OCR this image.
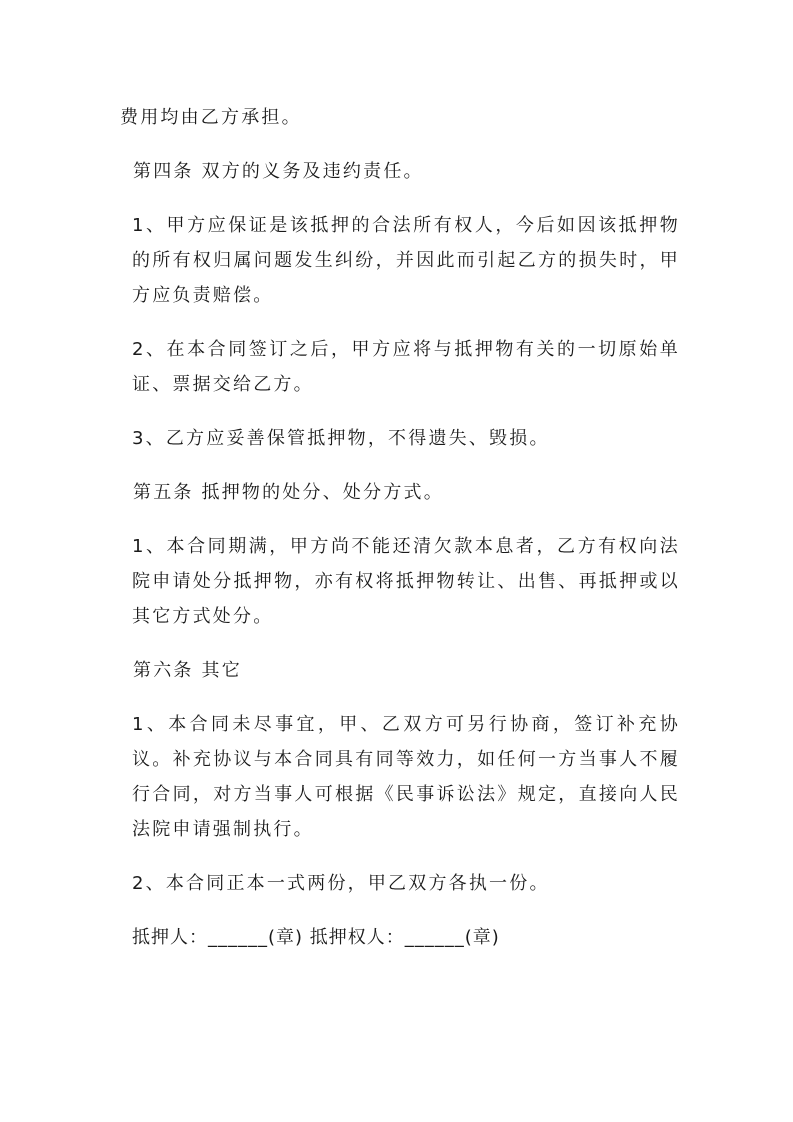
费用均由乙方承担。

第四条 双方的义务及违约责任。

1、甲方应保证是该抵押的合法所有权人，今后如因该抵押物的所有权归属问题发生纠纷，并因此而引起乙方的损失时，甲方应负责赔偿。

2、在本合同签订之后，甲方应将与抵押物有关的一切原始单证、票据交给乙方。

3、乙方应妥善保管抵押物，不得遗失、毁损。

第五条 抵押物的处分、处分方式。

1、本合同期满，甲方尚不能还清欠款本息者，乙方有权向法院申请处分抵押物，亦有权将抵押物转让、出售、再抵押或以其它方式处分。

第六条 其它

1、本合同未尽事宜，甲、乙双方可另行协商，签订补充协议。补充协议与本合同具有同等效力，如任何一方当事人不履行合同，对方当事人可根据《民事诉讼法》规定，直接向人民法院申请强制执行。

2、本合同正本一式两份，甲乙双方各执一份。

抵押人：______(章) 抵押权人：______(章)
